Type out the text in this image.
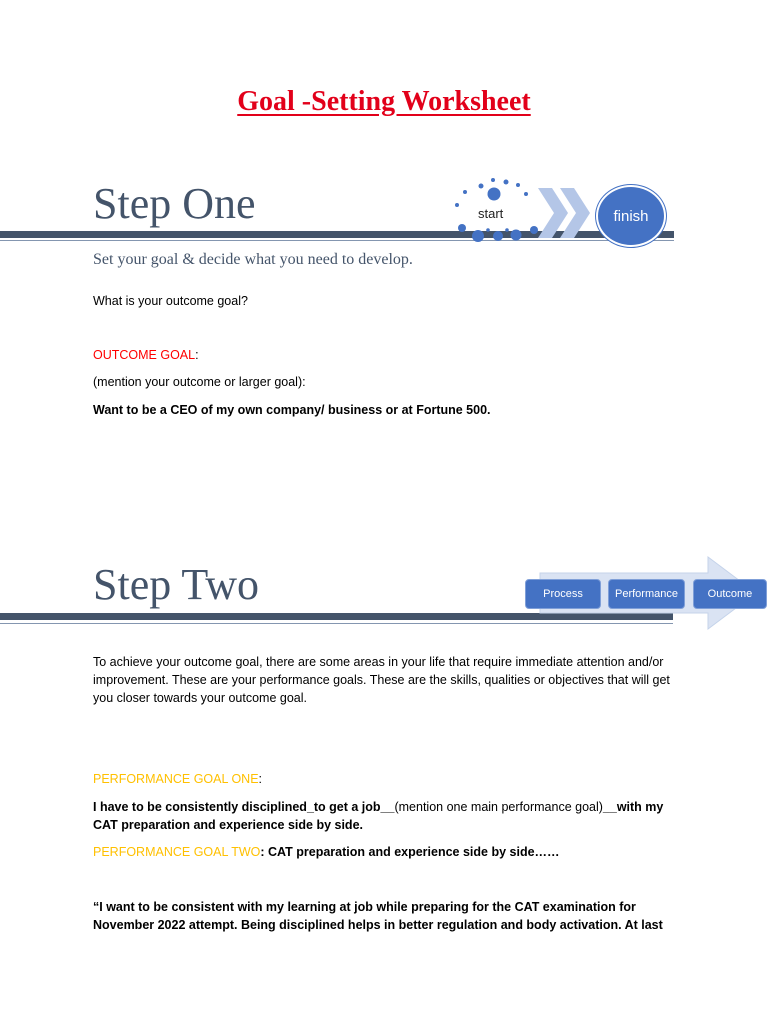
Goal -Setting Worksheet
Step One	start	finish
Set your goal & decide what you need to develop.
What is your outcome goal?
OUTCOME GOAL:
(mention your outcome or larger goal):
Want to be a CEO of my own company/ business or at Fortune 500.
Step Two	Process	Performance	Outcome
To achieve your outcome goal, there are some areas in your life that require immediate attention and/or improvement. These are your performance goals. These are the skills, qualities or objectives that will get you closer towards your outcome goal.
PERFORMANCE GOAL ONE:
I have to be consistently disciplined_to get a job__(mention one main performance goal)__with my CAT preparation and experience side by side.
PERFORMANCE GOAL TWO: CAT preparation and experience side by side……
“I want to be consistent with my learning at job while preparing for the CAT examination for November 2022 attempt. Being disciplined helps in better regulation and body activation. At last
